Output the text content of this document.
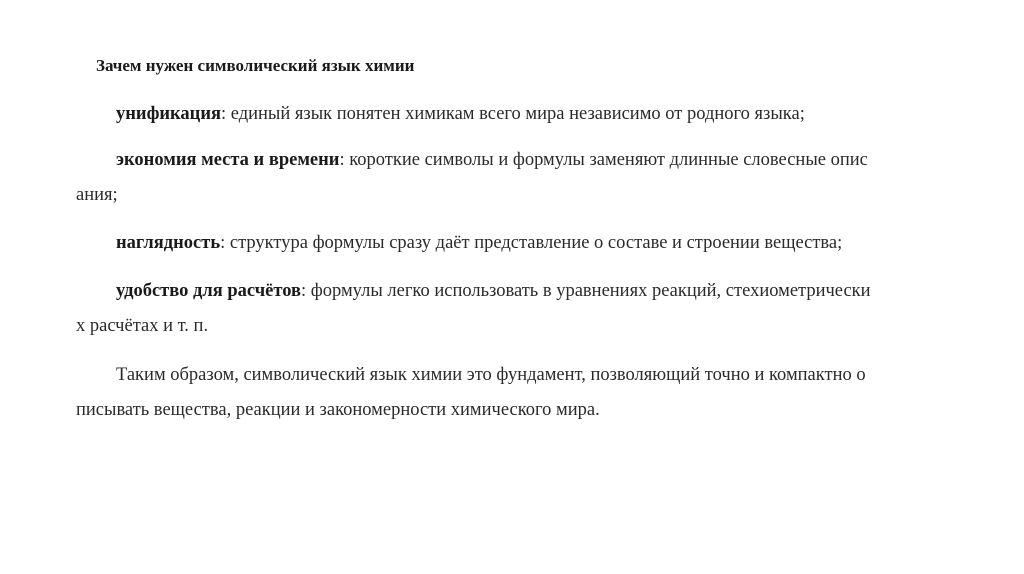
Зачем нужен символический язык химии
унификация: единый язык понятен химикам всего мира независимо от родного языка;
экономия места и времени: короткие символы и формулы заменяют длинные словесные опис
ания;
наглядность: структура формулы сразу даёт представление о составе и строении вещества;
удобство для расчётов: формулы легко использовать в уравнениях реакций, стехиометрически
х расчётах и т. п.
Таким образом, символический язык химии это фундамент, позволяющий точно и компактно о
писывать вещества, реакции и закономерности химического мира.
